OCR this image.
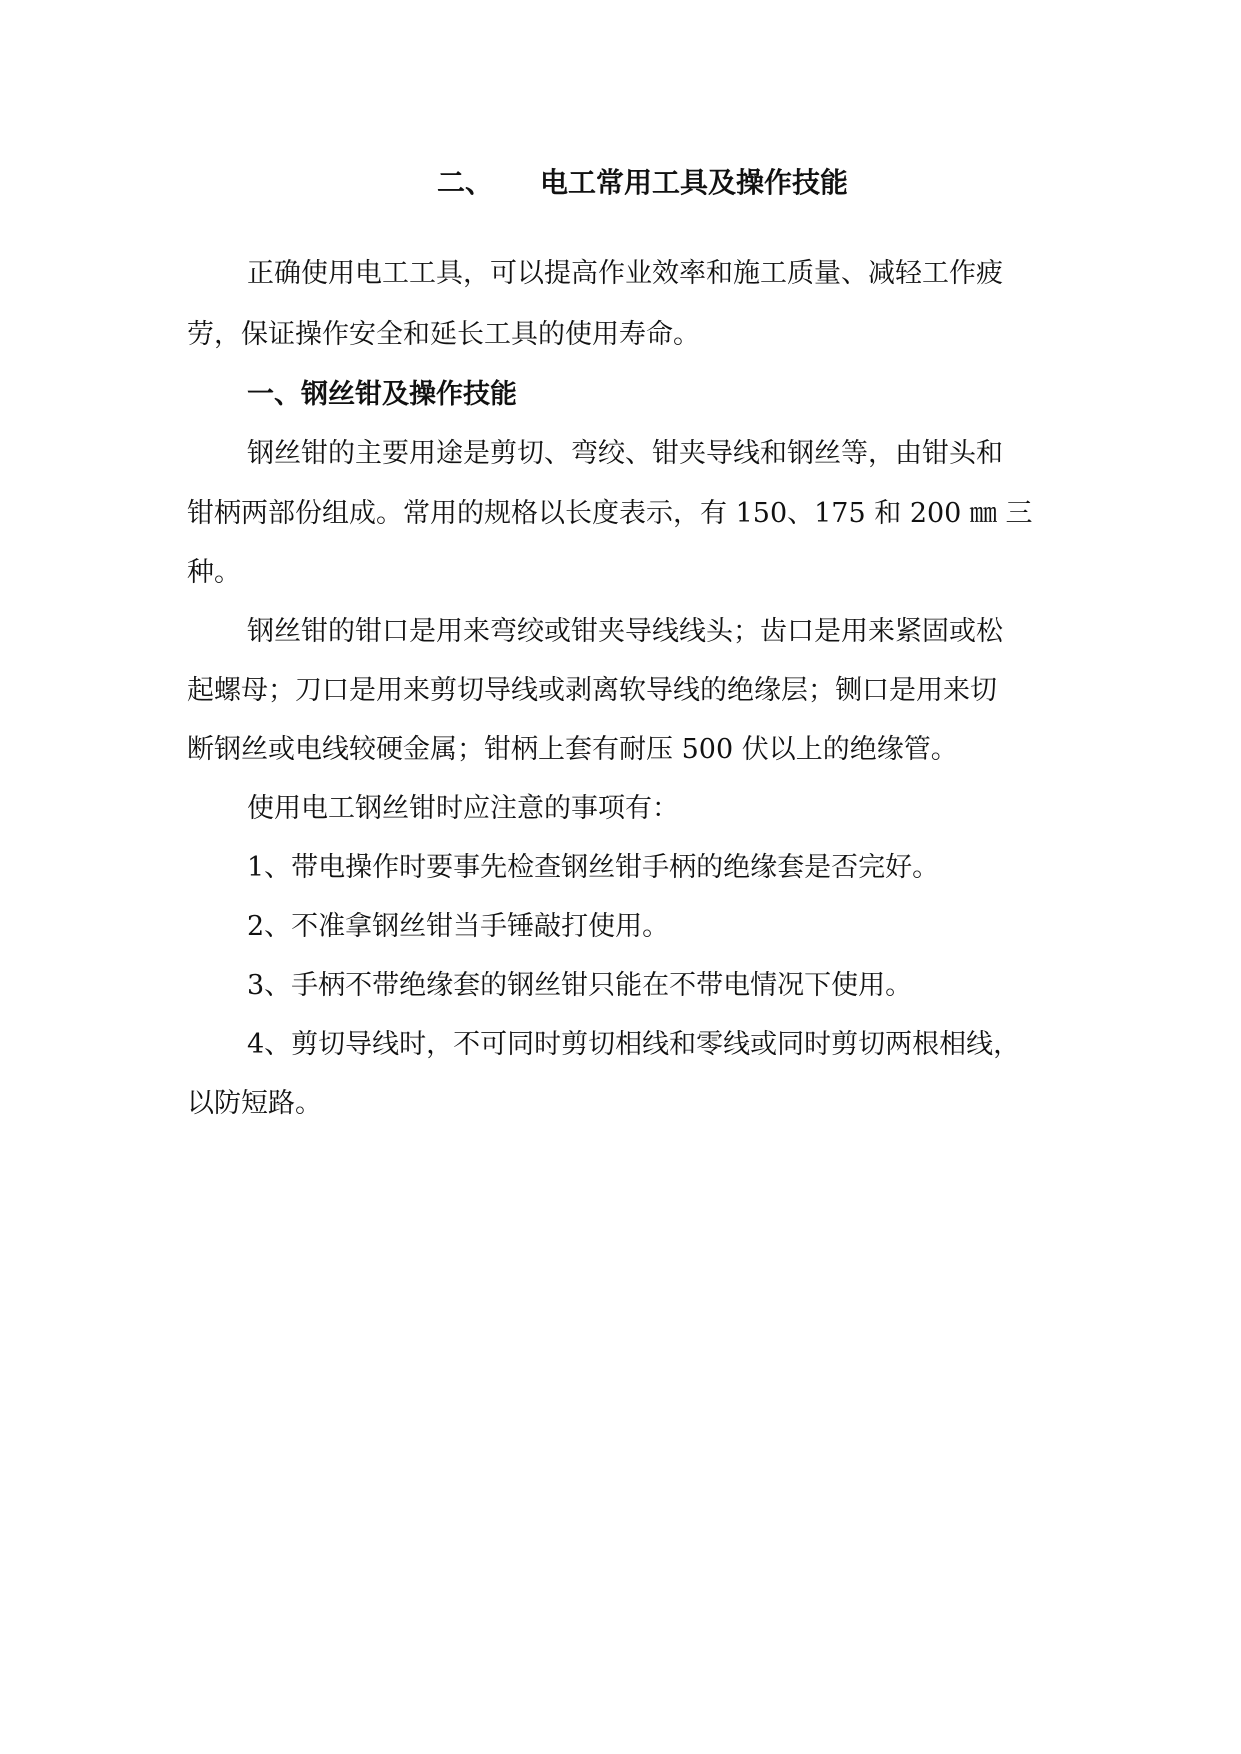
二、 电工常用工具及操作技能
正确使用电工工具，可以提高作业效率和施工质量、减轻工作疲
劳，保证操作安全和延长工具的使用寿命。
一、钢丝钳及操作技能
钢丝钳的主要用途是剪切、弯绞、钳夹导线和钢丝等，由钳头和
钳柄两部份组成。常用的规格以长度表示，有 150、175 和 200 ㎜ 三
种。
钢丝钳的钳口是用来弯绞或钳夹导线线头；齿口是用来紧固或松
起螺母；刀口是用来剪切导线或剥离软导线的绝缘层；铡口是用来切
断钢丝或电线较硬金属；钳柄上套有耐压 500 伏以上的绝缘管。
使用电工钢丝钳时应注意的事项有：
1、带电操作时要事先检查钢丝钳手柄的绝缘套是否完好。
2、不准拿钢丝钳当手锤敲打使用。
3、手柄不带绝缘套的钢丝钳只能在不带电情况下使用。
4、剪切导线时，不可同时剪切相线和零线或同时剪切两根相线，
以防短路。
